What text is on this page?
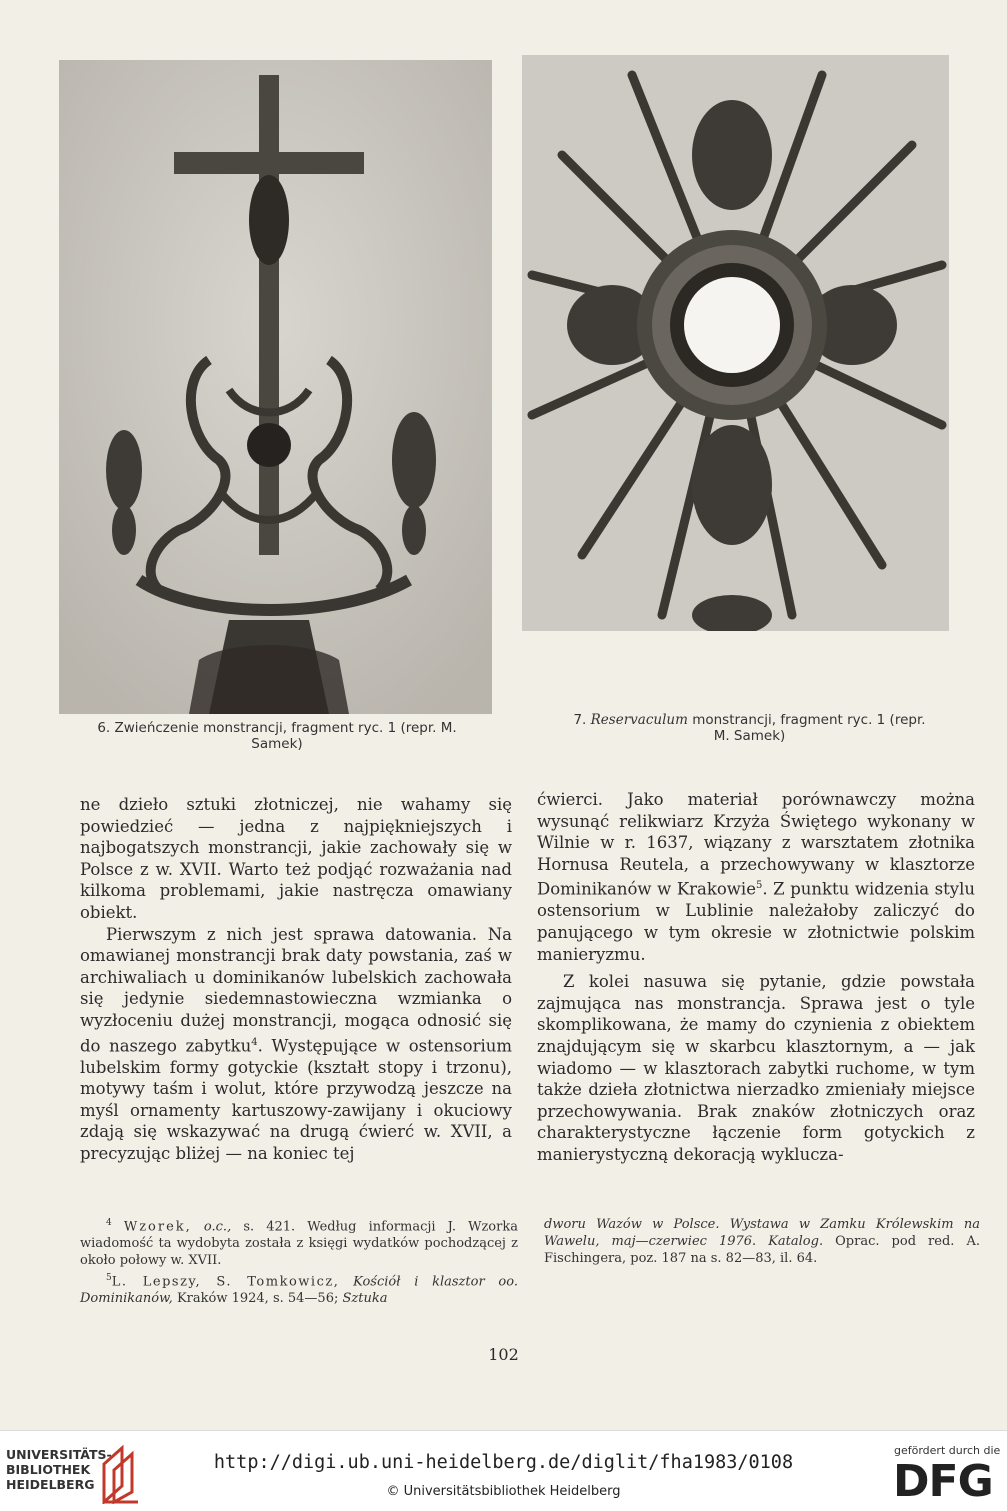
6. Zwieńczenie monstrancji, fragment ryc. 1 (repr. M.
Samek)
7. Reservaculum monstrancji, fragment ryc. 1 (repr.
M. Samek)

ne dzieło sztuki złotniczej, nie wahamy się powiedzieć — jedna z najpiękniejszych i najbogatszych monstrancji, jakie zachowały się w Polsce z w. XVII. Warto też podjąć rozważania nad kilkoma problemami, jakie nastręcza omawiany obiekt.

Pierwszym z nich jest sprawa datowania. Na omawianej monstrancji brak daty powstania, zaś w archiwaliach u dominikanów lubelskich zachowała się jedynie siedemnastowieczna wzmianka o wyzłoceniu dużej monstrancji, mogąca odnosić się do naszego zabytku$^4$. Występujące w ostensorium lubelskim formy gotyckie (kształt stopy i trzonu), motywy taśm i wolut, które przywodzą jeszcze na myśl ornamenty kartuszowy-zawijany i okuciowy zdają się wskazywać na drugą ćwierć w. XVII, a precyzując bliżej — na koniec tej

ćwierci. Jako materiał porównawczy można wysunąć relikwiarz Krzyża Świętego wykonany w Wilnie w r. 1637, wiązany z warsztatem złotnika Hornusa Reutela, a przechowywany w klasztorze Dominikanów w Krakowie$^5$. Z punktu widzenia stylu ostensorium w Lublinie należałoby zaliczyć do panującego w tym okresie w złotnictwie polskim manieryzmu.

Z kolei nasuwa się pytanie, gdzie powstała zajmująca nas monstrancja. Sprawa jest o tyle skomplikowana, że mamy do czynienia z obiektem znajdującym się w skarbcu klasztornym, a — jak wiadomo — w klasztorach zabytki ruchome, w tym także dzieła złotnictwa nierzadko zmieniały miejsce przechowywania. Brak znaków złotniczych oraz charakterystyczne łączenie form gotyckich z manierystyczną dekoracją wyklucza-

$^4$ Wzorek, o.c., s. 421. Według informacji J. Wzorka wiadomość ta wydobyta została z księgi wydatków pochodzącej z około połowy w. XVII.

$^5$L. Lepszy, S. Tomkowicz, Kościół i klasztor oo. Dominikanów, Kraków 1924, s. 54—56; Sztuka

dworu Wazów w Polsce. Wystawa w Zamku Królewskim na Wawelu, maj—czerwiec 1976. Katalog. Oprac. pod red. A. Fischingera, poz. 187 na s. 82—83, il. 64.

102
UNIVERSITÄTS-
BIBLIOTHEK
HEIDELBERG
http://digi.ub.uni-heidelberg.de/diglit/fha1983/0108
© Universitätsbibliothek Heidelberg
gefördert durch die
DFG
